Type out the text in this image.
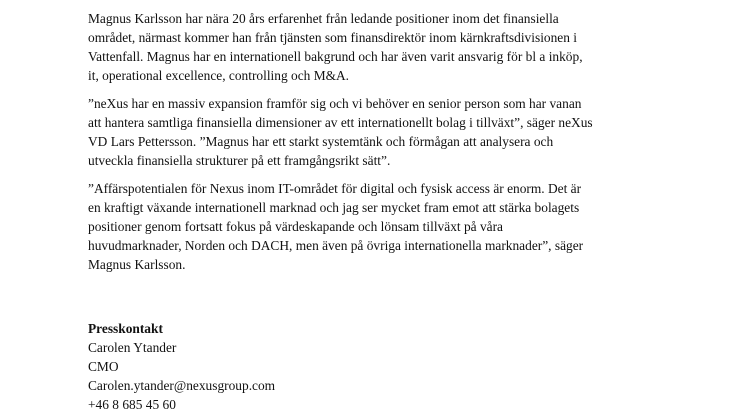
Magnus Karlsson har nära 20 års erfarenhet från ledande positioner inom det finansiella
området, närmast kommer han från tjänsten som finansdirektör inom kärnkraftsdivisionen i
Vattenfall. Magnus har en internationell bakgrund och har även varit ansvarig för bl a inköp,
it, operational excellence, controlling och M&A.

”neXus har en massiv expansion framför sig och vi behöver en senior person som har vanan
att hantera samtliga finansiella dimensioner av ett internationellt bolag i tillväxt”, säger neXus
VD Lars Pettersson. ”Magnus har ett starkt systemtänk och förmågan att analysera och
utveckla finansiella strukturer på ett framgångsrikt sätt”.

”Affärspotentialen för Nexus inom IT-området för digital och fysisk access är enorm. Det är
en kraftigt växande internationell marknad och jag ser mycket fram emot att stärka bolagets
positioner genom fortsatt fokus på värdeskapande och lönsam tillväxt på våra
huvudmarknader, Norden och DACH, men även på övriga internationella marknader”, säger
Magnus Karlsson.

Presskontakt
Carolen Ytander
CMO
Carolen.ytander@nexusgroup.com
+46 8 685 45 60
